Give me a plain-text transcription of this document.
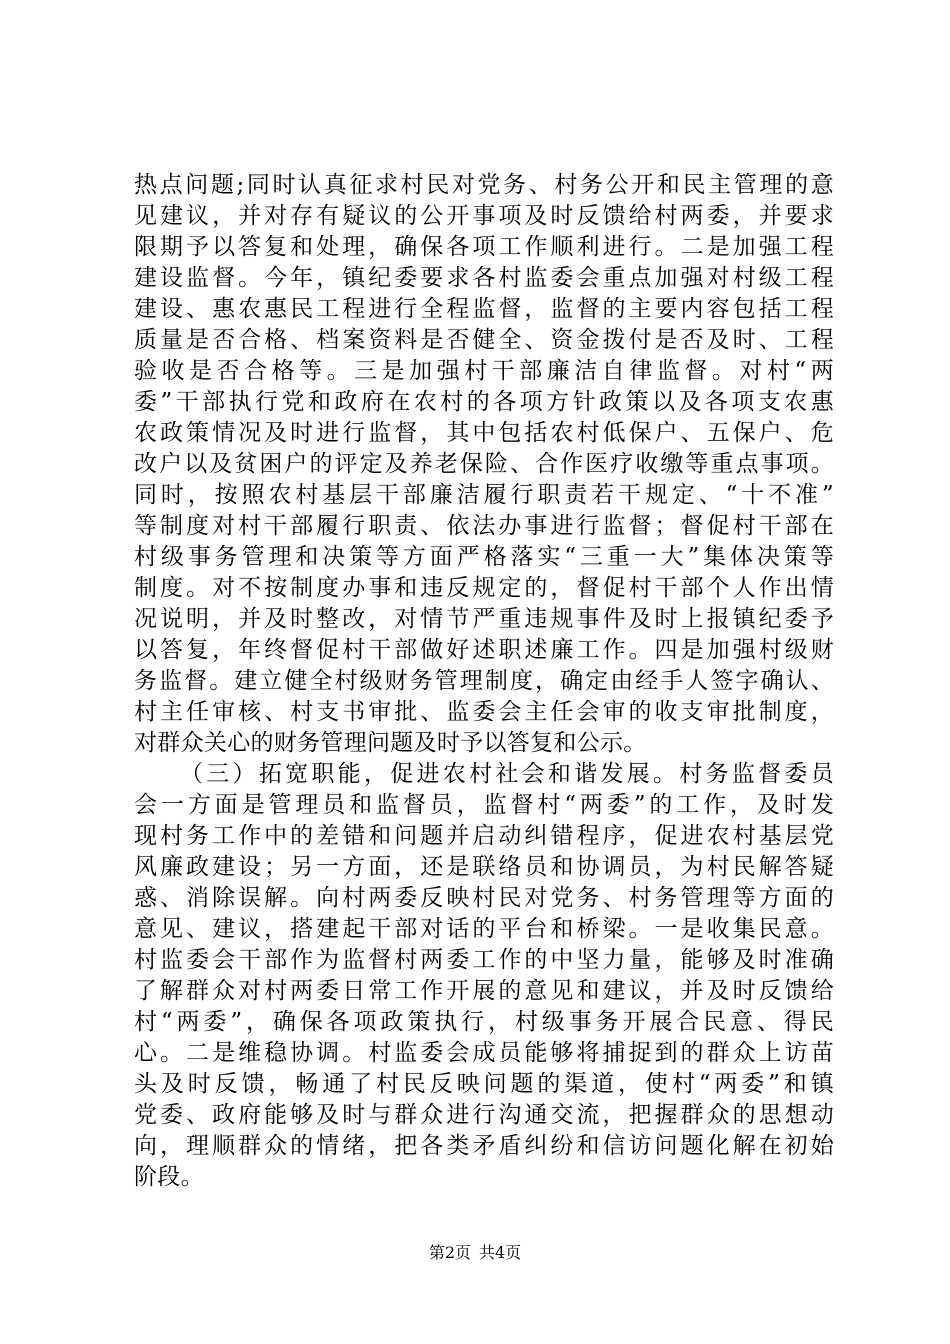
热点问题;同时认真征求村民对党务、村务公开和民主管理的意
见建议，并对存有疑议的公开事项及时反馈给村两委，并要求
限期予以答复和处理，确保各项工作顺利进行。二是加强工程
建设监督。今年，镇纪委要求各村监委会重点加强对村级工程
建设、惠农惠民工程进行全程监督，监督的主要内容包括工程
质量是否合格、档案资料是否健全、资金拨付是否及时、工程
验收是否合格等。三是加强村干部廉洁自律监督。对村“两
委”干部执行党和政府在农村的各项方针政策以及各项支农惠
农政策情况及时进行监督，其中包括农村低保户、五保户、危
改户以及贫困户的评定及养老保险、合作医疗收缴等重点事项。
同时，按照农村基层干部廉洁履行职责若干规定、“十不准”
等制度对村干部履行职责、依法办事进行监督；督促村干部在
村级事务管理和决策等方面严格落实“三重一大”集体决策等
制度。对不按制度办事和违反规定的，督促村干部个人作出情
况说明，并及时整改，对情节严重违规事件及时上报镇纪委予
以答复，年终督促村干部做好述职述廉工作。四是加强村级财
务监督。建立健全村级财务管理制度，确定由经手人签字确认、
村主任审核、村支书审批、监委会主任会审的收支审批制度，
对群众关心的财务管理问题及时予以答复和公示。
（三）拓宽职能，促进农村社会和谐发展。村务监督委员
会一方面是管理员和监督员，监督村“两委”的工作，及时发
现村务工作中的差错和问题并启动纠错程序，促进农村基层党
风廉政建设；另一方面，还是联络员和协调员，为村民解答疑
惑、消除误解。向村两委反映村民对党务、村务管理等方面的
意见、建议，搭建起干部对话的平台和桥梁。一是收集民意。
村监委会干部作为监督村两委工作的中坚力量，能够及时准确
了解群众对村两委日常工作开展的意见和建议，并及时反馈给
村“两委”，确保各项政策执行，村级事务开展合民意、得民
心。二是维稳协调。村监委会成员能够将捕捉到的群众上访苗
头及时反馈，畅通了村民反映问题的渠道，使村“两委”和镇
党委、政府能够及时与群众进行沟通交流，把握群众的思想动
向，理顺群众的情绪，把各类矛盾纠纷和信访问题化解在初始
阶段。
第2页 共4页
